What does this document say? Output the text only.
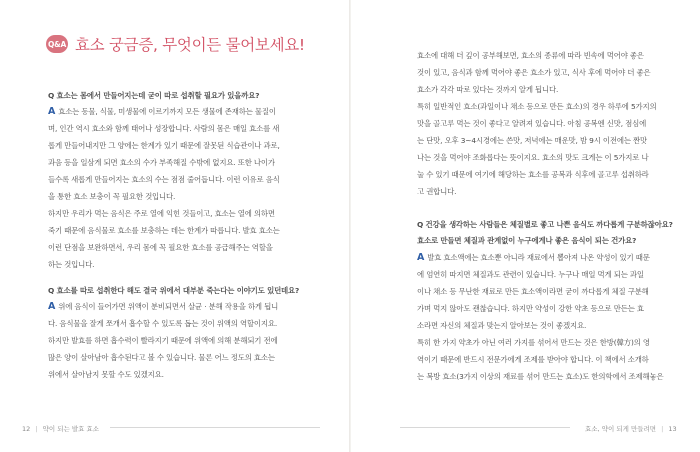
Q&A 효소 궁금증, 무엇이든 물어보세요!
Q 효소는 몸에서 만들어지는데 굳이 따로 섭취할 필요가 있을까요?
A 효소는 동물, 식물, 미생물에 이르기까지 모든 생물에 존재하는 물질이
며, 인간 역시 효소와 함께 태어나 성장합니다. 사람의 몸은 매일 효소를 새
롭게 만들어내지만 그 양에는 한계가 있기 때문에 잘못된 식습관이나 과로,
과음 등을 일삼게 되면 효소의 수가 부족해질 수밖에 없지요. 또한 나이가
들수록 새롭게 만들어지는 효소의 수는 점점 줄어듭니다. 이런 이유로 음식
을 통한 효소 보충이 꼭 필요한 것입니다.
하지만 우리가 먹는 음식은 주로 열에 익힌 것들이고, 효소는 열에 의하면
죽기 때문에 음식물로 효소를 보충하는 데는 한계가 따릅니다. 발효 효소는
이런 단점을 보완하면서, 우리 몸에 꼭 필요한 효소를 공급해주는 역할을
하는 것입니다.
Q 효소를 따로 섭취한다 해도 결국 위에서 대부분 죽는다는 이야기도 있던데요?
A 위에 음식이 들어가면 위액이 분비되면서 살균 · 분해 작용을 하게 됩니
다. 음식물을 잘게 쪼개서 흡수할 수 있도록 돕는 것이 위액의 역할이지요.
하지만 발효를 하면 흡수력이 빨라지기 때문에 위액에 의해 분해되기 전에
많은 양이 살아남아 흡수된다고 볼 수 있습니다. 물론 어느 정도의 효소는
위에서 살아남지 못할 수도 있겠지요.
12 | 약이 되는 발효 효소
효소에 대해 더 깊이 공부해보면, 효소의 종류에 따라 빈속에 먹어야 좋은
것이 있고, 음식과 함께 먹어야 좋은 효소가 있고, 식사 후에 먹어야 더 좋은
효소가 각각 따로 있다는 것까지 알게 됩니다.
특히 일반적인 효소(과일이나 채소 등으로 만든 효소)의 경우 하루에 5가지의
맛을 골고루 먹는 것이 좋다고 알려져 있습니다. 아침 공복엔 신맛, 점심에
는 단맛, 오후 3~4시경에는 쓴맛, 저녁에는 매운맛, 밤 9시 이전에는 짠맛
나는 것을 먹어야 조화롭다는 뜻이지요. 효소의 맛도 크게는 이 5가지로 나
눌 수 있기 때문에 여기에 해당하는 효소를 공복과 식후에 골고루 섭취하라
고 권합니다.
Q 건강을 생각하는 사람들은 체질별로 좋고 나쁜 음식도 까다롭게 구분하잖아요?
효소로 만들면 체질과 관계없이 누구에게나 좋은 음식이 되는 건가요?
A 발효 효소액에는 효소뿐 아니라 재료에서 뽑아져 나온 약성이 있기 때문
에 엄연히 따지면 체질과도 관련이 있습니다. 누구나 매일 먹게 되는 과일
이나 채소 등 무난한 재료로 만든 효소액이라면 굳이 까다롭게 체질 구분해
가며 먹지 않아도 괜찮습니다. 하지만 약성이 강한 약초 등으로 만든는 효
소라면 자신의 체질과 맞는지 알아보는 것이 좋겠지요.
특히 한 가지 약초가 아닌 여러 가지를 섞어서 만드는 것은 한방(韓方)의 영
역이기 때문에 반드시 전문가에게 조제를 받아야 합니다. 이 책에서 소개하
는 복방 효소(3가지 이상의 재료를 섞어 만드는 효소)도 한의학에서 조제해놓은
효소, 약이 되게 만들려면 | 13
